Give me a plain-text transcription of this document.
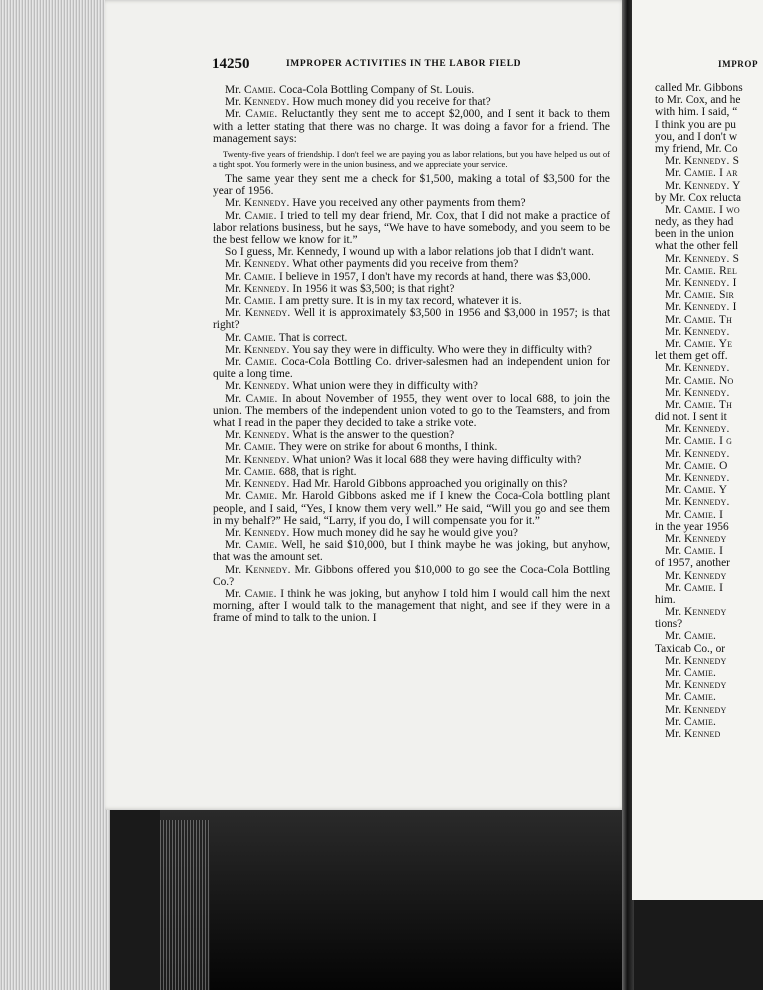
14250	IMPROPER ACTIVITIES IN THE LABOR FIELD

Mr. Camie. Coca-Cola Bottling Company of St. Louis.

Mr. Kennedy. How much money did you receive for that?

Mr. Camie. Reluctantly they sent me to accept $2,000, and I sent it back to them with a letter stating that there was no charge. It was doing a favor for a friend. The management says:

Twenty-five years of friendship. I don't feel we are paying you as labor relations, but you have helped us out of a tight spot. You formerly were in the union business, and we appreciate your service.

The same year they sent me a check for $1,500, making a total of $3,500 for the year of 1956.

Mr. Kennedy. Have you received any other payments from them?

Mr. Camie. I tried to tell my dear friend, Mr. Cox, that I did not make a practice of labor relations business, but he says, “We have to have somebody, and you seem to be the best fellow we know for it.”

So I guess, Mr. Kennedy, I wound up with a labor relations job that I didn't want.

Mr. Kennedy. What other payments did you receive from them?

Mr. Camie. I believe in 1957, I don't have my records at hand, there was $3,000.

Mr. Kennedy. In 1956 it was $3,500; is that right?

Mr. Camie. I am pretty sure. It is in my tax record, whatever it is.

Mr. Kennedy. Well it is approximately $3,500 in 1956 and $3,000 in 1957; is that right?

Mr. Camie. That is correct.

Mr. Kennedy. You say they were in difficulty. Who were they in difficulty with?

Mr. Camie. Coca-Cola Bottling Co. driver-salesmen had an independent union for quite a long time.

Mr. Kennedy. What union were they in difficulty with?

Mr. Camie. In about November of 1955, they went over to local 688, to join the union. The members of the independent union voted to go to the Teamsters, and from what I read in the paper they decided to take a strike vote.

Mr. Kennedy. What is the answer to the question?

Mr. Camie. They were on strike for about 6 months, I think.

Mr. Kennedy. What union? Was it local 688 they were having difficulty with?

Mr. Camie. 688, that is right.

Mr. Kennedy. Had Mr. Harold Gibbons approached you originally on this?

Mr. Camie. Mr. Harold Gibbons asked me if I knew the Coca-Cola bottling plant people, and I said, “Yes, I know them very well.” He said, “Will you go and see them in my behalf?” He said, “Larry, if you do, I will compensate you for it.”

Mr. Kennedy. How much money did he say he would give you?

Mr. Camie. Well, he said $10,000, but I think maybe he was joking, but anyhow, that was the amount set.

Mr. Kennedy. Mr. Gibbons offered you $10,000 to go see the Coca-Cola Bottling Co.?

Mr. Camie. I think he was joking, but anyhow I told him I would call him the next morning, after I would talk to the management that night, and see if they were in a frame of mind to talk to the union. I

IMPROP
called Mr. Gibbons
to Mr. Cox, and he
with him. I said, “
I think you are pu
you, and I don't w
my friend, Mr. Co
Mr. Kennedy. S
Mr. Camie. I ar
Mr. Kennedy. Y
by Mr. Cox relucta
Mr. Camie. I wo
nedy, as they had
been in the union
what the other fell
Mr. Kennedy. S
Mr. Camie. Rel
Mr. Kennedy. I
Mr. Camie. Sir
Mr. Kennedy. I
Mr. Camie. Th
Mr. Kennedy.
Mr. Camie. Ye
let them get off.
Mr. Kennedy.
Mr. Camie. No
Mr. Kennedy.
Mr. Camie. Th
did not. I sent it
Mr. Kennedy.
Mr. Camie. I g
Mr. Kennedy.
Mr. Camie. O
Mr. Kennedy.
Mr. Camie. Y
Mr. Kennedy.
Mr. Camie. I
in the year 1956
Mr. Kennedy
Mr. Camie. I
of 1957, another
Mr. Kennedy
Mr. Camie. I
him.
Mr. Kennedy
tions?
Mr. Camie.
Taxicab Co., or
Mr. Kennedy
Mr. Camie.
Mr. Kennedy
Mr. Camie.
Mr. Kennedy
Mr. Camie.
Mr. Kenned
